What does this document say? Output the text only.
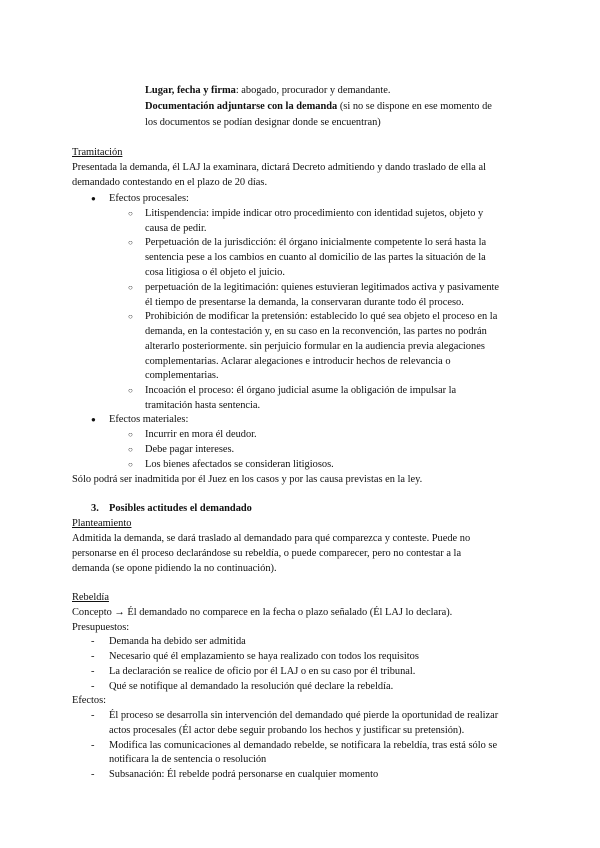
Lugar, fecha y firma: abogado, procurador y demandante.
Documentación adjuntarse con la demanda (si no se dispone en ese momento de
los documentos se podían designar donde se encuentran)
Tramitación
Presentada la demanda, él LAJ la examinara, dictará Decreto admitiendo y dando traslado de ella al
demandado contestando en el plazo de 20 días.
● Efectos procesales:
○ Litispendencia: impide indicar otro procedimiento con identidad sujetos, objeto y
causa de pedir.
○ Perpetuación de la jurisdicción: él órgano inicialmente competente lo será hasta la
sentencia pese a los cambios en cuanto al domicilio de las partes la situación de la
cosa litigiosa o él objeto el juicio.
○ perpetuación de la legitimación: quienes estuvieran legitimados activa y pasivamente
él tiempo de presentarse la demanda, la conservaran durante todo él proceso.
○ Prohibición de modificar la pretensión: establecido lo qué sea objeto el proceso en la
demanda, en la contestación y, en su caso en la reconvención, las partes no podrán
alterarlo posteriormente. sin perjuicio formular en la audiencia previa alegaciones
complementarias. Aclarar alegaciones e introducir hechos de relevancia o
complementarias.
○ Incoación el proceso: él órgano judicial asume la obligación de impulsar la
tramitación hasta sentencia.
● Efectos materiales:
○ Incurrir en mora él deudor.
○ Debe pagar intereses.
○ Los bienes afectados se consideran litigiosos.
Sólo podrá ser inadmitida por él Juez en los casos y por las causa previstas en la ley.
3. Posibles actitudes el demandado
Planteamiento
Admitida la demanda, se dará traslado al demandado para qué comparezca y conteste. Puede no
personarse en él proceso declarándose su rebeldía, o puede comparecer, pero no contestar a la
demanda (se opone pidiendo la no continuación).
Rebeldía
Concepto → Él demandado no comparece en la fecha o plazo señalado (Él LAJ lo declara).
Presupuestos:
- Demanda ha debido ser admitida
- Necesario qué él emplazamiento se haya realizado con todos los requisitos
- La declaración se realice de oficio por él LAJ o en su caso por él tribunal.
- Qué se notifique al demandado la resolución qué declare la rebeldía.
Efectos:
- Él proceso se desarrolla sin intervención del demandado qué pierde la oportunidad de realizar
actos procesales (Él actor debe seguir probando los hechos y justificar su pretensión).
- Modifica las comunicaciones al demandado rebelde, se notificara la rebeldía, tras está sólo se
notificara la de sentencia o resolución
- Subsanación: Él rebelde podrá personarse en cualquier momento
